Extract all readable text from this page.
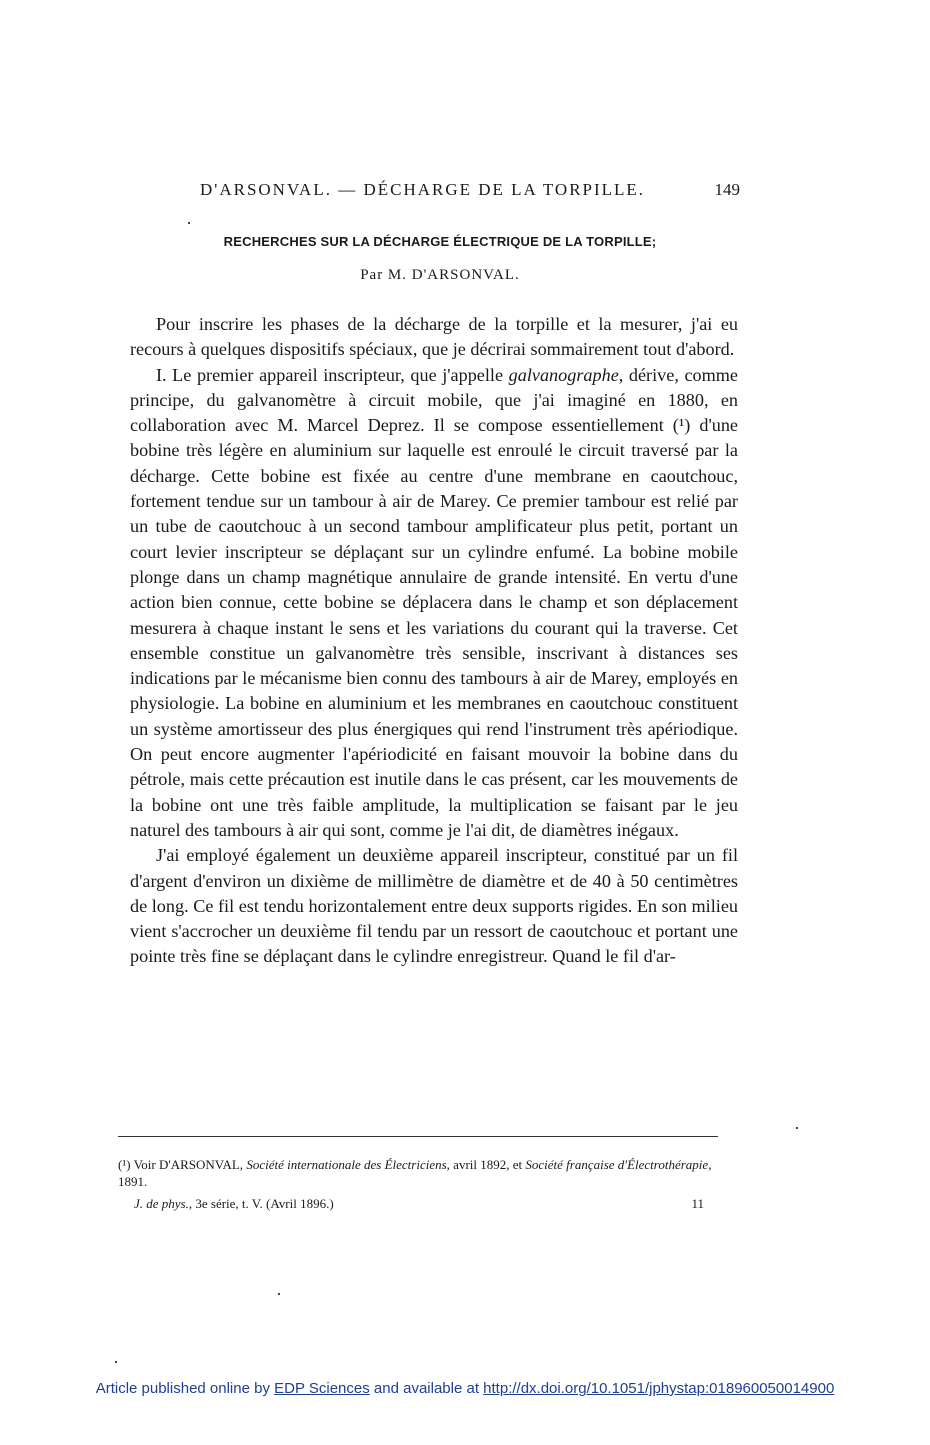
D'ARSONVAL. — DÉCHARGE DE LA TORPILLE.	149
RECHERCHES SUR LA DÉCHARGE ÉLECTRIQUE DE LA TORPILLE;
Par M. D'ARSONVAL.

Pour inscrire les phases de la décharge de la torpille et la mesurer, j'ai eu recours à quelques dispositifs spéciaux, que je décrirai sommairement tout d'abord.

I. Le premier appareil inscripteur, que j'appelle galvanographe, dérive, comme principe, du galvanomètre à circuit mobile, que j'ai imaginé en 1880, en collaboration avec M. Marcel Deprez. Il se compose essentiellement (¹) d'une bobine très légère en aluminium sur laquelle est enroulé le circuit traversé par la décharge. Cette bobine est fixée au centre d'une membrane en caoutchouc, fortement tendue sur un tambour à air de Marey. Ce premier tambour est relié par un tube de caoutchouc à un second tambour amplificateur plus petit, portant un court levier inscripteur se déplaçant sur un cylindre enfumé. La bobine mobile plonge dans un champ magnétique annulaire de grande intensité. En vertu d'une action bien connue, cette bobine se déplacera dans le champ et son déplacement mesurera à chaque instant le sens et les variations du courant qui la traverse. Cet ensemble constitue un galvanomètre très sensible, inscrivant à distances ses indications par le mécanisme bien connu des tambours à air de Marey, employés en physiologie. La bobine en aluminium et les membranes en caoutchouc constituent un système amortisseur des plus énergiques qui rend l'instrument très apériodique. On peut encore augmenter l'apériodicité en faisant mouvoir la bobine dans du pétrole, mais cette précaution est inutile dans le cas présent, car les mouvements de la bobine ont une très faible amplitude, la multiplication se faisant par le jeu naturel des tambours à air qui sont, comme je l'ai dit, de diamètres inégaux.

J'ai employé également un deuxième appareil inscripteur, constitué par un fil d'argent d'environ un dixième de millimètre de diamètre et de 40 à 50 centimètres de long. Ce fil est tendu horizontalement entre deux supports rigides. En son milieu vient s'accrocher un deuxième fil tendu par un ressort de caoutchouc et portant une pointe très fine se déplaçant dans le cylindre enregistreur. Quand le fil d'ar-

(¹) Voir D'ARSONVAL, Société internationale des Électriciens, avril 1892, et Société française d'Électrothérapie, 1891.
J. de phys., 3e série, t. V. (Avril 1896.)	11
Article published online by EDP Sciences and available at http://dx.doi.org/10.1051/jphystap:018960050014900
